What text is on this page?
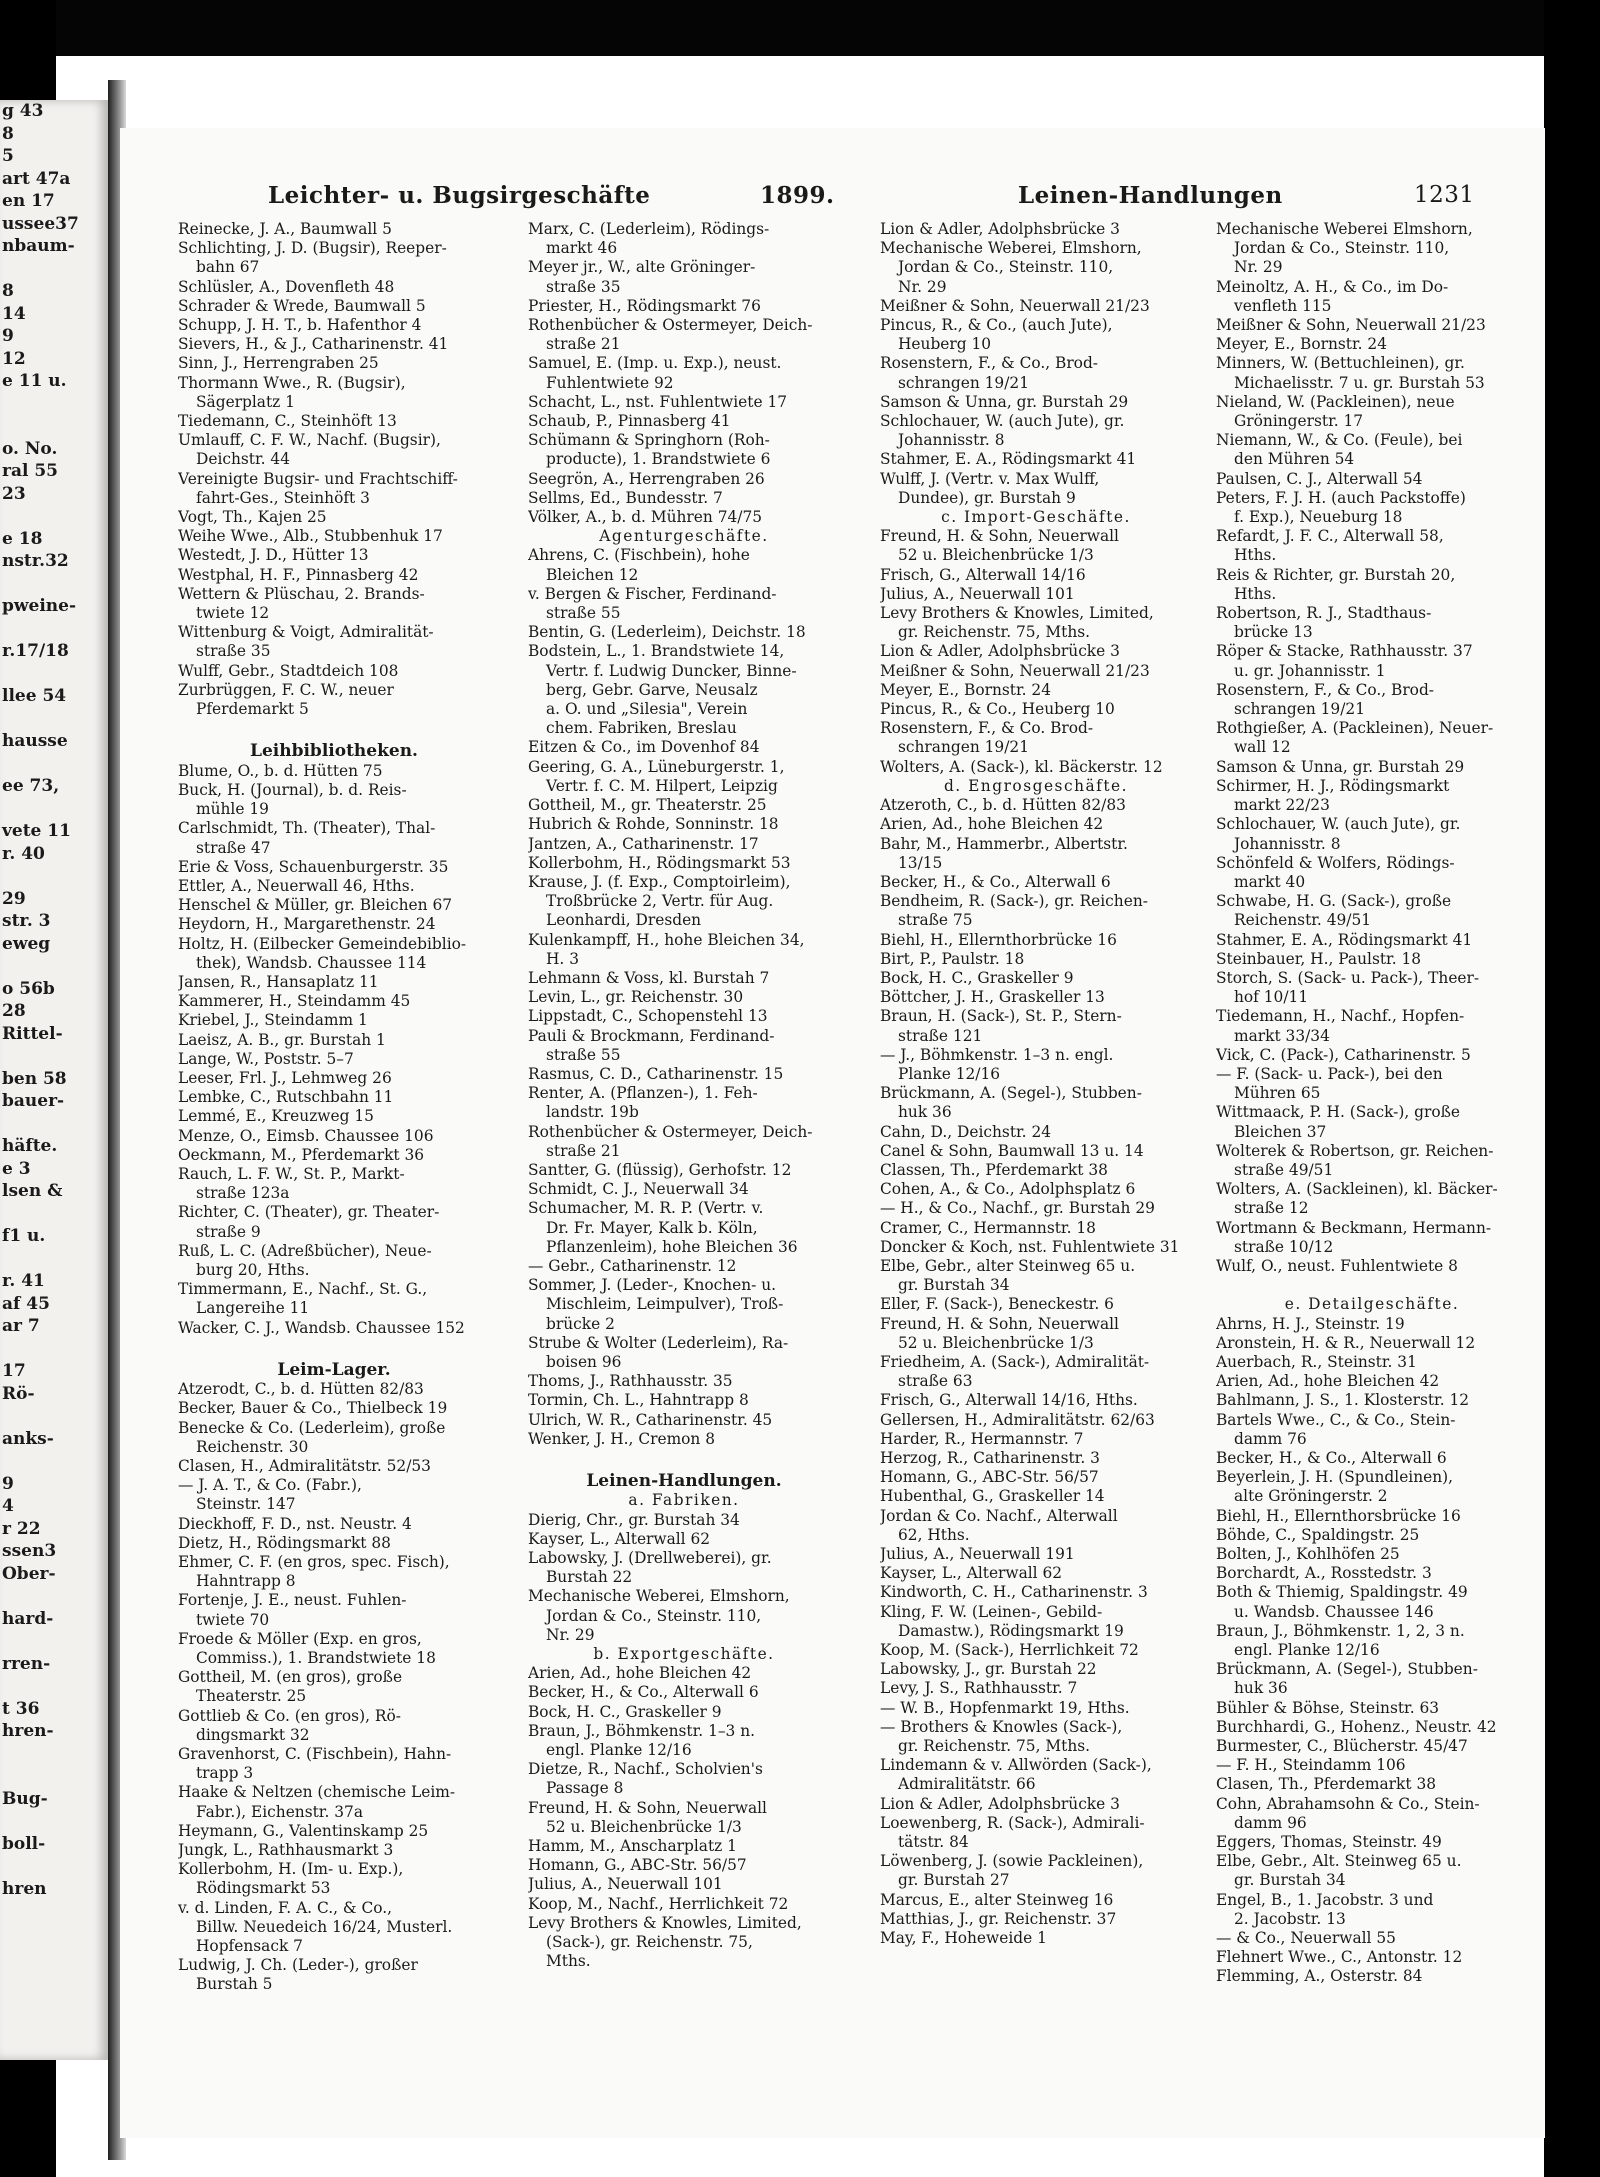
g 43
8
5
art 47a
en 17
ussee37
nbaum-

8
14
9
12
e 11 u.

o. No.
ral 55
23

e 18
nstr.32

pweine-

r.17/18

llee 54

hausse

ee 73,

vete 11
r. 40

29
str. 3
eweg

o 56b
28
Rittel-

ben 58
bauer-

häfte.
e 3
lsen &

f1 u.

r. 41
af 45
ar 7

17
Rö-

anks-

9
4
r 22
ssen3
Ober-

hard-

rren-

t 36
hren-

Bug-

boll-

hren
Leichter- u. Bugsirgeschäfte	1899.	Leinen-Handlungen	1231
Reinecke, J. A., Baumwall 5
Schlichting, J. D. (Bugsir), Reeper-
bahn 67
Schlüsler, A., Dovenfleth 48
Schrader & Wrede, Baumwall 5
Schupp, J. H. T., b. Hafenthor 4
Sievers, H., & J., Catharinenstr. 41
Sinn, J., Herrengraben 25
Thormann Wwe., R. (Bugsir),
Sägerplatz 1
Tiedemann, C., Steinhöft 13
Umlauff, C. F. W., Nachf. (Bugsir),
Deichstr. 44
Vereinigte Bugsir- und Frachtschiff-
fahrt-Ges., Steinhöft 3
Vogt, Th., Kajen 25
Weihe Wwe., Alb., Stubbenhuk 17
Westedt, J. D., Hütter 13
Westphal, H. F., Pinnasberg 42
Wettern & Plüschau, 2. Brands-
twiete 12
Wittenburg & Voigt, Admiralität-
straße 35
Wulff, Gebr., Stadtdeich 108
Zurbrüggen, F. C. W., neuer
Pferdemarkt 5

Leihbibliotheken.
Blume, O., b. d. Hütten 75
Buck, H. (Journal), b. d. Reis-
mühle 19
Carlschmidt, Th. (Theater), Thal-
straße 47
Erie & Voss, Schauenburgerstr. 35
Ettler, A., Neuerwall 46, Hths.
Henschel & Müller, gr. Bleichen 67
Heydorn, H., Margarethenstr. 24
Holtz, H. (Eilbecker Gemeindebiblio-
thek), Wandsb. Chaussee 114
Jansen, R., Hansaplatz 11
Kammerer, H., Steindamm 45
Kriebel, J., Steindamm 1
Laeisz, A. B., gr. Burstah 1
Lange, W., Poststr. 5–7
Leeser, Frl. J., Lehmweg 26
Lembke, C., Rutschbahn 11
Lemmé, E., Kreuzweg 15
Menze, O., Eimsb. Chaussee 106
Oeckmann, M., Pferdemarkt 36
Rauch, L. F. W., St. P., Markt-
straße 123a
Richter, C. (Theater), gr. Theater-
straße 9
Ruß, L. C. (Adreßbücher), Neue-
burg 20, Hths.
Timmermann, E., Nachf., St. G.,
Langereihe 11
Wacker, C. J., Wandsb. Chaussee 152

Leim-Lager.
Atzerodt, C., b. d. Hütten 82/83
Becker, Bauer & Co., Thielbeck 19
Benecke & Co. (Lederleim), große
Reichenstr. 30
Clasen, H., Admiralitätstr. 52/53
— J. A. T., & Co. (Fabr.),
Steinstr. 147
Dieckhoff, F. D., nst. Neustr. 4
Dietz, H., Rödingsmarkt 88
Ehmer, C. F. (en gros, spec. Fisch),
Hahntrapp 8
Fortenje, J. E., neust. Fuhlen-
twiete 70
Froede & Möller (Exp. en gros,
Commiss.), 1. Brandstwiete 18
Gottheil, M. (en gros), große
Theaterstr. 25
Gottlieb & Co. (en gros), Rö-
dingsmarkt 32
Gravenhorst, C. (Fischbein), Hahn-
trapp 3
Haake & Neltzen (chemische Leim-
Fabr.), Eichenstr. 37a
Heymann, G., Valentinskamp 25
Jungk, L., Rathhausmarkt 3
Kollerbohm, H. (Im- u. Exp.),
Rödingsmarkt 53
v. d. Linden, F. A. C., & Co.,
Billw. Neuedeich 16/24, Musterl.
Hopfensack 7
Ludwig, J. Ch. (Leder-), großer
Burstah 5
Marx, C. (Lederleim), Rödings-
markt 46
Meyer jr., W., alte Gröninger-
straße 35
Priester, H., Rödingsmarkt 76
Rothenbücher & Ostermeyer, Deich-
straße 21
Samuel, E. (Imp. u. Exp.), neust.
Fuhlentwiete 92
Schacht, L., nst. Fuhlentwiete 17
Schaub, P., Pinnasberg 41
Schümann & Springhorn (Roh-
producte), 1. Brandstwiete 6
Seegrön, A., Herrengraben 26
Sellms, Ed., Bundesstr. 7
Völker, A., b. d. Mühren 74/75
Agenturgeschäfte.
Ahrens, C. (Fischbein), hohe
Bleichen 12
v. Bergen & Fischer, Ferdinand-
straße 55
Bentin, G. (Lederleim), Deichstr. 18
Bodstein, L., 1. Brandstwiete 14,
Vertr. f. Ludwig Duncker, Binne-
berg, Gebr. Garve, Neusalz
a. O. und „Silesia", Verein
chem. Fabriken, Breslau
Eitzen & Co., im Dovenhof 84
Geering, G. A., Lüneburgerstr. 1,
Vertr. f. C. M. Hilpert, Leipzig
Gottheil, M., gr. Theaterstr. 25
Hubrich & Rohde, Sonninstr. 18
Jantzen, A., Catharinenstr. 17
Kollerbohm, H., Rödingsmarkt 53
Krause, J. (f. Exp., Comptoirleim),
Troßbrücke 2, Vertr. für Aug.
Leonhardi, Dresden
Kulenkampff, H., hohe Bleichen 34,
H. 3
Lehmann & Voss, kl. Burstah 7
Levin, L., gr. Reichenstr. 30
Lippstadt, C., Schopenstehl 13
Pauli & Brockmann, Ferdinand-
straße 55
Rasmus, C. D., Catharinenstr. 15
Renter, A. (Pflanzen-), 1. Feh-
landstr. 19b
Rothenbücher & Ostermeyer, Deich-
straße 21
Santter, G. (flüssig), Gerhofstr. 12
Schmidt, C. J., Neuerwall 34
Schumacher, M. R. P. (Vertr. v.
Dr. Fr. Mayer, Kalk b. Köln,
Pflanzenleim), hohe Bleichen 36
— Gebr., Catharinenstr. 12
Sommer, J. (Leder-, Knochen- u.
Mischleim, Leimpulver), Troß-
brücke 2
Strube & Wolter (Lederleim), Ra-
boisen 96
Thoms, J., Rathhausstr. 35
Tormin, Ch. L., Hahntrapp 8
Ulrich, W. R., Catharinenstr. 45
Wenker, J. H., Cremon 8

Leinen-Handlungen.
a. Fabriken.
Dierig, Chr., gr. Burstah 34
Kayser, L., Alterwall 62
Labowsky, J. (Drellweberei), gr.
Burstah 22
Mechanische Weberei, Elmshorn,
Jordan & Co., Steinstr. 110,
Nr. 29
b. Exportgeschäfte.
Arien, Ad., hohe Bleichen 42
Becker, H., & Co., Alterwall 6
Bock, H. C., Graskeller 9
Braun, J., Böhmkenstr. 1–3 n.
engl. Planke 12/16
Dietze, R., Nachf., Scholvien's
Passage 8
Freund, H. & Sohn, Neuerwall
52 u. Bleichenbrücke 1/3
Hamm, M., Anscharplatz 1
Homann, G., ABC-Str. 56/57
Julius, A., Neuerwall 101
Koop, M., Nachf., Herrlichkeit 72
Levy Brothers & Knowles, Limited,
(Sack-), gr. Reichenstr. 75,
Mths.
Lion & Adler, Adolphsbrücke 3
Mechanische Weberei, Elmshorn,
Jordan & Co., Steinstr. 110,
Nr. 29
Meißner & Sohn, Neuerwall 21/23
Pincus, R., & Co., (auch Jute),
Heuberg 10
Rosenstern, F., & Co., Brod-
schrangen 19/21
Samson & Unna, gr. Burstah 29
Schlochauer, W. (auch Jute), gr.
Johannisstr. 8
Stahmer, E. A., Rödingsmarkt 41
Wulff, J. (Vertr. v. Max Wulff,
Dundee), gr. Burstah 9
c. Import-Geschäfte.
Freund, H. & Sohn, Neuerwall
52 u. Bleichenbrücke 1/3
Frisch, G., Alterwall 14/16
Julius, A., Neuerwall 101
Levy Brothers & Knowles, Limited,
gr. Reichenstr. 75, Mths.
Lion & Adler, Adolphsbrücke 3
Meißner & Sohn, Neuerwall 21/23
Meyer, E., Bornstr. 24
Pincus, R., & Co., Heuberg 10
Rosenstern, F., & Co. Brod-
schrangen 19/21
Wolters, A. (Sack-), kl. Bäckerstr. 12
d. Engrosgeschäfte.
Atzeroth, C., b. d. Hütten 82/83
Arien, Ad., hohe Bleichen 42
Bahr, M., Hammerbr., Albertstr.
13/15
Becker, H., & Co., Alterwall 6
Bendheim, R. (Sack-), gr. Reichen-
straße 75
Biehl, H., Ellernthorbrücke 16
Birt, P., Paulstr. 18
Bock, H. C., Graskeller 9
Böttcher, J. H., Graskeller 13
Braun, H. (Sack-), St. P., Stern-
straße 121
— J., Böhmkenstr. 1–3 n. engl.
Planke 12/16
Brückmann, A. (Segel-), Stubben-
huk 36
Cahn, D., Deichstr. 24
Canel & Sohn, Baumwall 13 u. 14
Classen, Th., Pferdemarkt 38
Cohen, A., & Co., Adolphsplatz 6
— H., & Co., Nachf., gr. Burstah 29
Cramer, C., Hermannstr. 18
Doncker & Koch, nst. Fuhlentwiete 31
Elbe, Gebr., alter Steinweg 65 u.
gr. Burstah 34
Eller, F. (Sack-), Beneckestr. 6
Freund, H. & Sohn, Neuerwall
52 u. Bleichenbrücke 1/3
Friedheim, A. (Sack-), Admiralität-
straße 63
Frisch, G., Alterwall 14/16, Hths.
Gellersen, H., Admiralitätstr. 62/63
Harder, R., Hermannstr. 7
Herzog, R., Catharinenstr. 3
Homann, G., ABC-Str. 56/57
Hubenthal, G., Graskeller 14
Jordan & Co. Nachf., Alterwall
62, Hths.
Julius, A., Neuerwall 191
Kayser, L., Alterwall 62
Kindworth, C. H., Catharinenstr. 3
Kling, F. W. (Leinen-, Gebild-
Damastw.), Rödingsmarkt 19
Koop, M. (Sack-), Herrlichkeit 72
Labowsky, J., gr. Burstah 22
Levy, J. S., Rathhausstr. 7
— W. B., Hopfenmarkt 19, Hths.
— Brothers & Knowles (Sack-),
gr. Reichenstr. 75, Mths.
Lindemann & v. Allwörden (Sack-),
Admiralitätstr. 66
Lion & Adler, Adolphsbrücke 3
Loewenberg, R. (Sack-), Admirali-
tätstr. 84
Löwenberg, J. (sowie Packleinen),
gr. Burstah 27
Marcus, E., alter Steinweg 16
Matthias, J., gr. Reichenstr. 37
May, F., Hoheweide 1
Mechanische Weberei Elmshorn,
Jordan & Co., Steinstr. 110,
Nr. 29
Meinoltz, A. H., & Co., im Do-
venfleth 115
Meißner & Sohn, Neuerwall 21/23
Meyer, E., Bornstr. 24
Minners, W. (Bettuchleinen), gr.
Michaelisstr. 7 u. gr. Burstah 53
Nieland, W. (Packleinen), neue
Gröningerstr. 17
Niemann, W., & Co. (Feule), bei
den Mühren 54
Paulsen, C. J., Alterwall 54
Peters, F. J. H. (auch Packstoffe)
f. Exp.), Neueburg 18
Refardt, J. F. C., Alterwall 58,
Hths.
Reis & Richter, gr. Burstah 20,
Hths.
Robertson, R. J., Stadthaus-
brücke 13
Röper & Stacke, Rathhausstr. 37
u. gr. Johannisstr. 1
Rosenstern, F., & Co., Brod-
schrangen 19/21
Rothgießer, A. (Packleinen), Neuer-
wall 12
Samson & Unna, gr. Burstah 29
Schirmer, H. J., Rödingsmarkt
markt 22/23
Schlochauer, W. (auch Jute), gr.
Johannisstr. 8
Schönfeld & Wolfers, Rödings-
markt 40
Schwabe, H. G. (Sack-), große
Reichenstr. 49/51
Stahmer, E. A., Rödingsmarkt 41
Steinbauer, H., Paulstr. 18
Storch, S. (Sack- u. Pack-), Theer-
hof 10/11
Tiedemann, H., Nachf., Hopfen-
markt 33/34
Vick, C. (Pack-), Catharinenstr. 5
— F. (Sack- u. Pack-), bei den
Mühren 65
Wittmaack, P. H. (Sack-), große
Bleichen 37
Wolterek & Robertson, gr. Reichen-
straße 49/51
Wolters, A. (Sackleinen), kl. Bäcker-
straße 12
Wortmann & Beckmann, Hermann-
straße 10/12
Wulf, O., neust. Fuhlentwiete 8

e. Detailgeschäfte.
Ahrns, H. J., Steinstr. 19
Aronstein, H. & R., Neuerwall 12
Auerbach, R., Steinstr. 31
Arien, Ad., hohe Bleichen 42
Bahlmann, J. S., 1. Klosterstr. 12
Bartels Wwe., C., & Co., Stein-
damm 76
Becker, H., & Co., Alterwall 6
Beyerlein, J. H. (Spundleinen),
alte Gröningerstr. 2
Biehl, H., Ellernthorsbrücke 16
Böhde, C., Spaldingstr. 25
Bolten, J., Kohlhöfen 25
Borchardt, A., Rosstedstr. 3
Both & Thiemig, Spaldingstr. 49
u. Wandsb. Chaussee 146
Braun, J., Böhmkenstr. 1, 2, 3 n.
engl. Planke 12/16
Brückmann, A. (Segel-), Stubben-
huk 36
Bühler & Böhse, Steinstr. 63
Burchhardi, G., Hohenz., Neustr. 42
Burmester, C., Blücherstr. 45/47
— F. H., Steindamm 106
Clasen, Th., Pferdemarkt 38
Cohn, Abrahamsohn & Co., Stein-
damm 96
Eggers, Thomas, Steinstr. 49
Elbe, Gebr., Alt. Steinweg 65 u.
gr. Burstah 34
Engel, B., 1. Jacobstr. 3 und
2. Jacobstr. 13
— & Co., Neuerwall 55
Flehnert Wwe., C., Antonstr. 12
Flemming, A., Osterstr. 84
